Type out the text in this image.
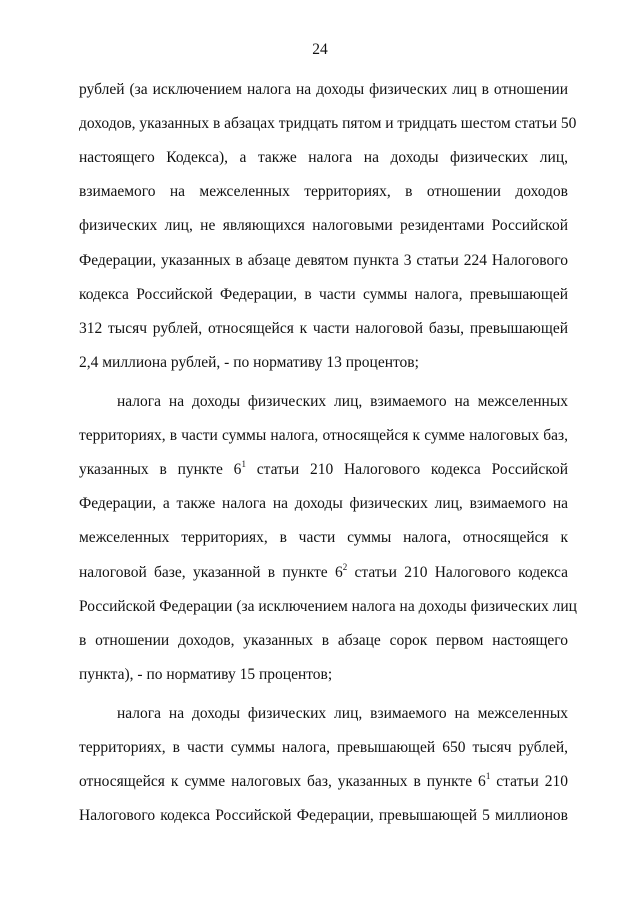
24
рублей (за исключением налога на доходы физических лиц в отношении
доходов, указанных в абзацах тридцать пятом и тридцать шестом статьи 50
настоящего Кодекса), а также налога на доходы физических лиц,
взимаемого на межселенных территориях, в отношении доходов
физических лиц, не являющихся налоговыми резидентами Российской
Федерации, указанных в абзаце девятом пункта 3 статьи 224 Налогового
кодекса Российской Федерации, в части суммы налога, превышающей
312 тысяч рублей, относящейся к части налоговой базы, превышающей
2,4 миллиона рублей, - по нормативу 13 процентов;
налога на доходы физических лиц, взимаемого на межселенных
территориях, в части суммы налога, относящейся к сумме налоговых баз,
указанных в пункте $6^1$ статьи 210 Налогового кодекса Российской
Федерации, а также налога на доходы физических лиц, взимаемого на
межселенных территориях, в части суммы налога, относящейся к
налоговой базе, указанной в пункте $6^2$ статьи 210 Налогового кодекса
Российской Федерации (за исключением налога на доходы физических лиц
в отношении доходов, указанных в абзаце сорок первом настоящего
пункта), - по нормативу 15 процентов;
налога на доходы физических лиц, взимаемого на межселенных
территориях, в части суммы налога, превышающей 650 тысяч рублей,
относящейся к сумме налоговых баз, указанных в пункте $6^1$ статьи 210
Налогового кодекса Российской Федерации, превышающей 5 миллионов
